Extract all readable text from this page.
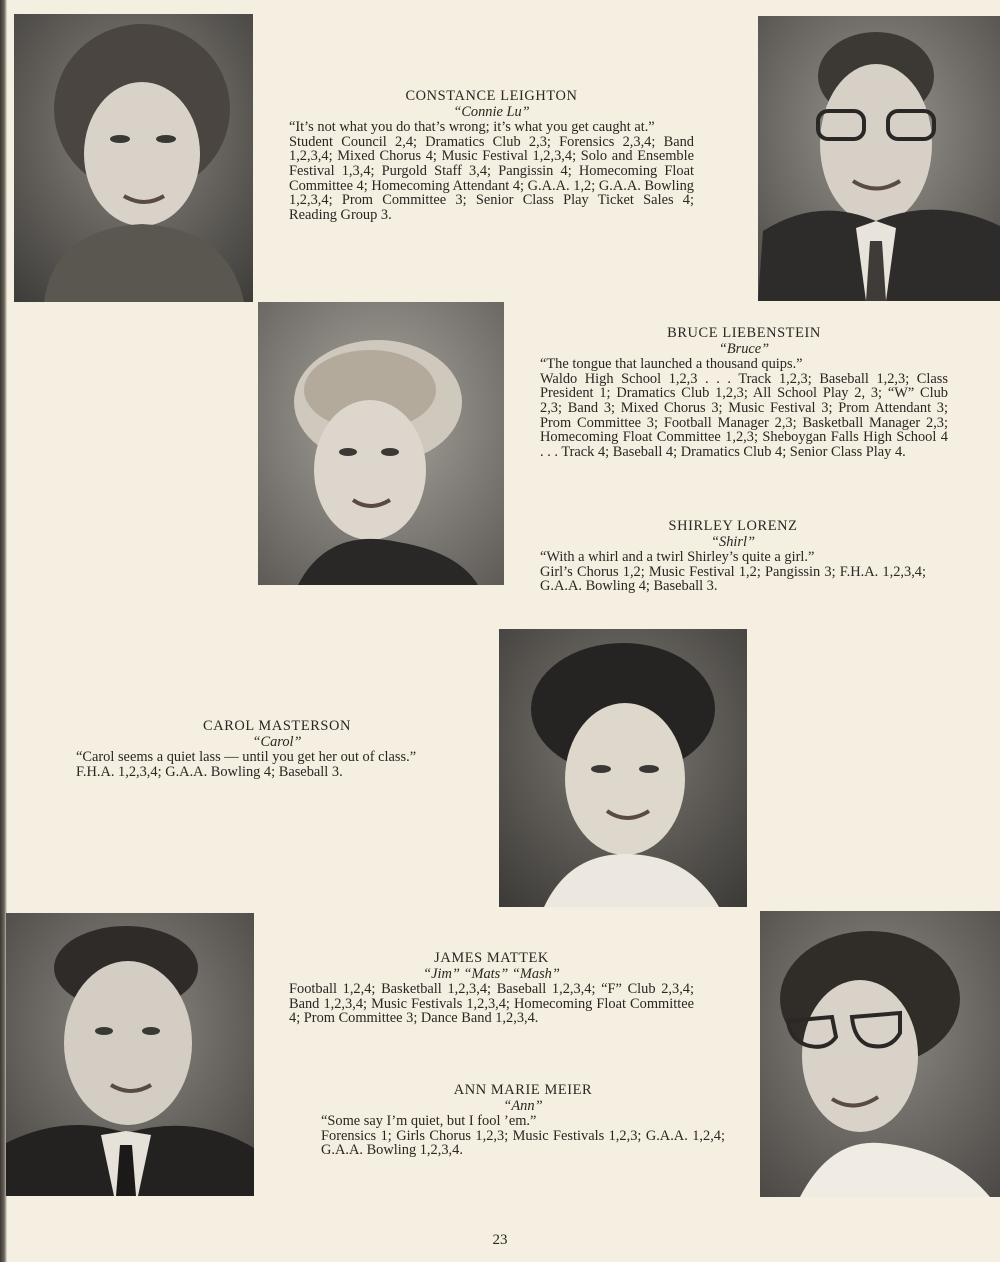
CONSTANCE LEIGHTON
“Connie Lu”
“It’s not what you do that’s wrong; it’s what you get caught at.”
Student Council 2,4; Dramatics Club 2,3; Forensics 2,3,4; Band 1,2,3,4; Mixed Chorus 4; Music Festival 1,2,3,4; Solo and Ensemble Festival 1,3,4; Purgold Staff 3,4; Pangissin 4; Homecoming Float Committee 4; Homecoming Attendant 4; G.A.A. 1,2; G.A.A. Bowling 1,2,3,4; Prom Committee 3; Senior Class Play Ticket Sales 4; Reading Group 3.
BRUCE LIEBENSTEIN
“Bruce”
“The tongue that launched a thousand quips.”
Waldo High School 1,2,3 . . . Track 1,2,3; Baseball 1,2,3; Class President 1; Dramatics Club 1,2,3; All School Play 2, 3; “W” Club 2,3; Band 3; Mixed Chorus 3; Music Festival 3; Prom Attendant 3; Prom Committee 3; Football Manager 2,3; Basketball Manager 2,3; Homecoming Float Committee 1,2,3; Sheboygan Falls High School 4 . . . Track 4; Baseball 4; Dramatics Club 4; Senior Class Play 4.
SHIRLEY LORENZ
“Shirl”
“With a whirl and a twirl Shirley’s quite a girl.”
Girl’s Chorus 1,2; Music Festival 1,2; Pangissin 3; F.H.A. 1,2,3,4; G.A.A. Bowling 4; Baseball 3.
CAROL MASTERSON
“Carol”
“Carol seems a quiet lass — until you get her out of class.”
F.H.A. 1,2,3,4; G.A.A. Bowling 4; Baseball 3.
JAMES MATTEK
“Jim” “Mats” “Mash”
Football 1,2,4; Basketball 1,2,3,4; Baseball 1,2,3,4; “F” Club 2,3,4; Band 1,2,3,4; Music Festivals 1,2,3,4; Homecoming Float Committee 4; Prom Committee 3; Dance Band 1,2,3,4.
ANN MARIE MEIER
“Ann”
“Some say I’m quiet, but I fool ’em.”
Forensics 1; Girls Chorus 1,2,3; Music Festivals 1,2,3; G.A.A. 1,2,4; G.A.A. Bowling 1,2,3,4.
23
